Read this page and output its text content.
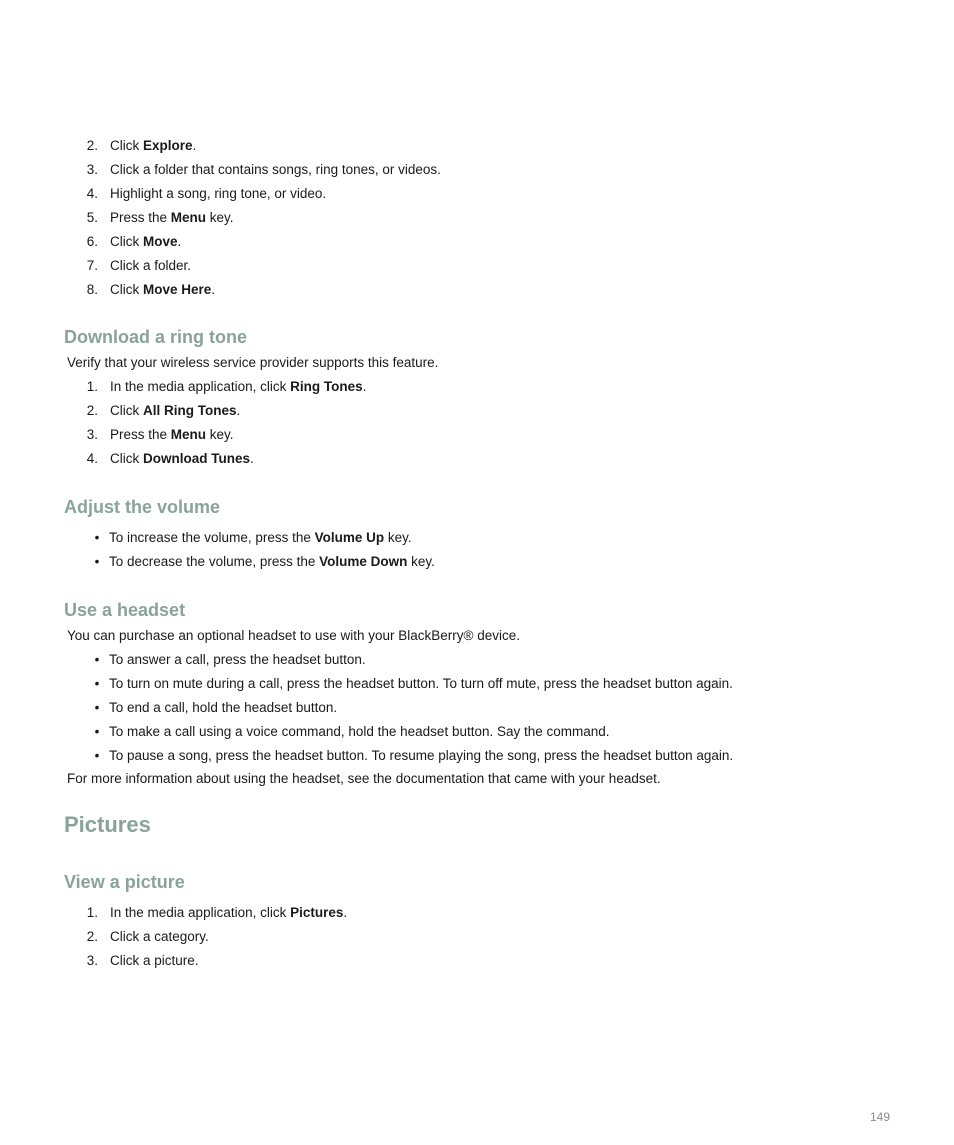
2. Click Explore.
3. Click a folder that contains songs, ring tones, or videos.
4. Highlight a song, ring tone, or video.
5. Press the Menu key.
6. Click Move.
7. Click a folder.
8. Click Move Here.
Download a ring tone
Verify that your wireless service provider supports this feature.
1. In the media application, click Ring Tones.
2. Click All Ring Tones.
3. Press the Menu key.
4. Click Download Tunes.
Adjust the volume
• To increase the volume, press the Volume Up key.
• To decrease the volume, press the Volume Down key.
Use a headset
You can purchase an optional headset to use with your BlackBerry® device.
• To answer a call, press the headset button.
• To turn on mute during a call, press the headset button. To turn off mute, press the headset button again.
• To end a call, hold the headset button.
• To make a call using a voice command, hold the headset button. Say the command.
• To pause a song, press the headset button. To resume playing the song, press the headset button again.
For more information about using the headset, see the documentation that came with your headset.
Pictures
View a picture
1. In the media application, click Pictures.
2. Click a category.
3. Click a picture.
149
